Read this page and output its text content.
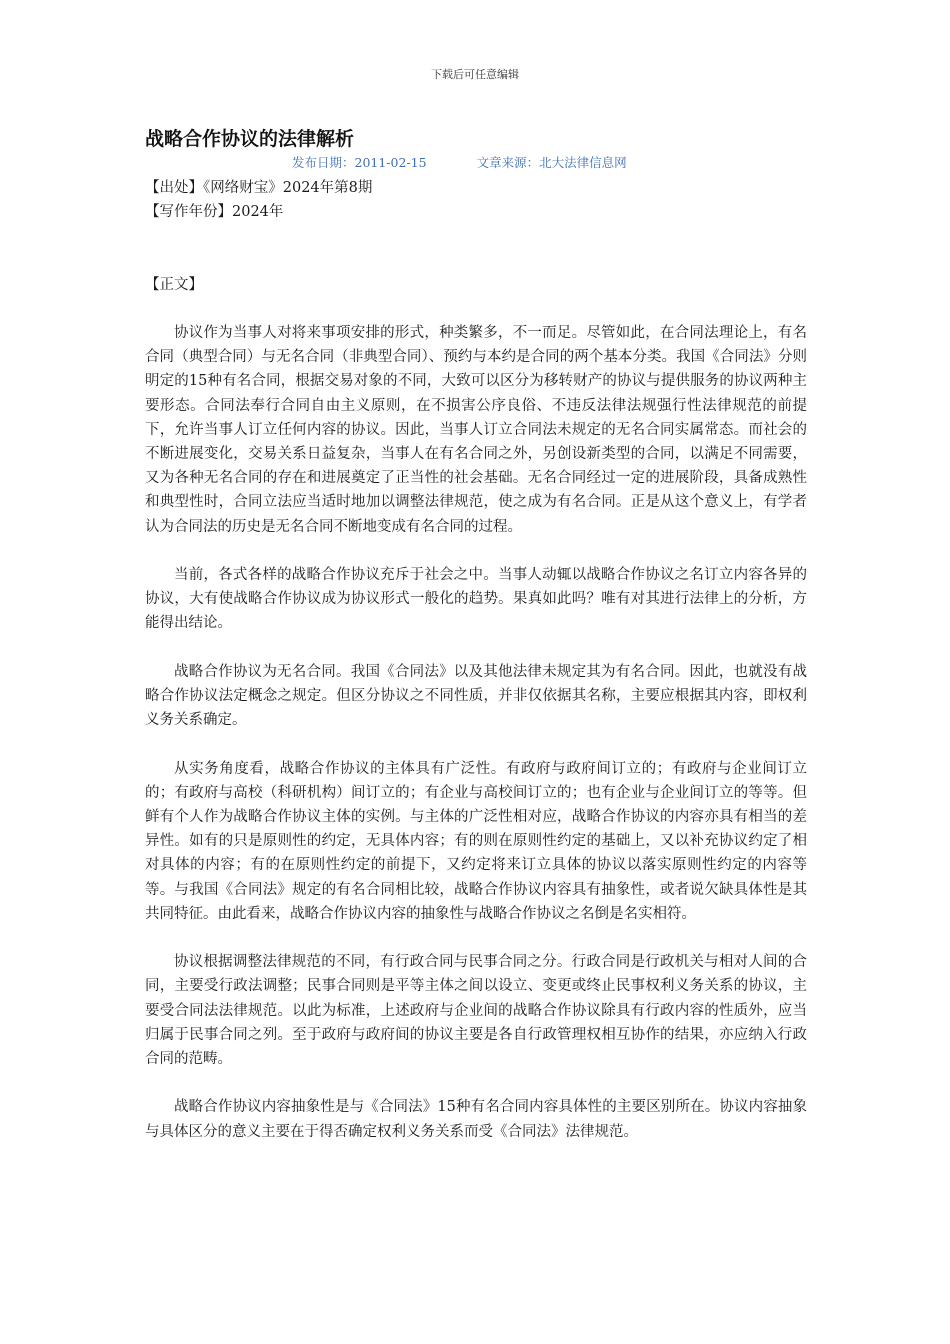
下载后可任意编辑
战略合作协议的法律解析
发布日期：2011-02-15	文章来源：北大法律信息网
【出处】《网络财宝》2024年第8期
【写作年份】2024年
【正文】

协议作为当事人对将来事项安排的形式，种类繁多，不一而足。尽管如此，在合同法理论上，有名合同（典型合同）与无名合同（非典型合同）、预约与本约是合同的两个基本分类。我国《合同法》分则明定的15种有名合同，根据交易对象的不同，大致可以区分为移转财产的协议与提供服务的协议两种主要形态。合同法奉行合同自由主义原则，在不损害公序良俗、不违反法律法规强行性法律规范的前提下，允许当事人订立任何内容的协议。因此，当事人订立合同法未规定的无名合同实属常态。而社会的不断进展变化，交易关系日益复杂，当事人在有名合同之外，另创设新类型的合同，以满足不同需要，又为各种无名合同的存在和进展奠定了正当性的社会基础。无名合同经过一定的进展阶段，具备成熟性和典型性时，合同立法应当适时地加以调整法律规范，使之成为有名合同。正是从这个意义上，有学者认为合同法的历史是无名合同不断地变成有名合同的过程。

当前，各式各样的战略合作协议充斥于社会之中。当事人动辄以战略合作协议之名订立内容各异的协议，大有使战略合作协议成为协议形式一般化的趋势。果真如此吗？唯有对其进行法律上的分析，方能得出结论。

战略合作协议为无名合同。我国《合同法》以及其他法律未规定其为有名合同。因此，也就没有战略合作协议法定概念之规定。但区分协议之不同性质，并非仅依据其名称，主要应根据其内容，即权利义务关系确定。

从实务角度看，战略合作协议的主体具有广泛性。有政府与政府间订立的；有政府与企业间订立的；有政府与高校（科研机构）间订立的；有企业与高校间订立的；也有企业与企业间订立的等等。但鲜有个人作为战略合作协议主体的实例。与主体的广泛性相对应，战略合作协议的内容亦具有相当的差异性。如有的只是原则性的约定，无具体内容；有的则在原则性约定的基础上，又以补充协议约定了相对具体的内容；有的在原则性约定的前提下，又约定将来订立具体的协议以落实原则性约定的内容等等。与我国《合同法》规定的有名合同相比较，战略合作协议内容具有抽象性，或者说欠缺具体性是其共同特征。由此看来，战略合作协议内容的抽象性与战略合作协议之名倒是名实相符。

协议根据调整法律规范的不同，有行政合同与民事合同之分。行政合同是行政机关与相对人间的合同，主要受行政法调整；民事合同则是平等主体之间以设立、变更或终止民事权利义务关系的协议，主要受合同法法律规范。以此为标准，上述政府与企业间的战略合作协议除具有行政内容的性质外，应当归属于民事合同之列。至于政府与政府间的协议主要是各自行政管理权相互协作的结果，亦应纳入行政合同的范畴。

战略合作协议内容抽象性是与《合同法》15种有名合同内容具体性的主要区别所在。协议内容抽象与具体区分的意义主要在于得否确定权利义务关系而受《合同法》法律规范。
